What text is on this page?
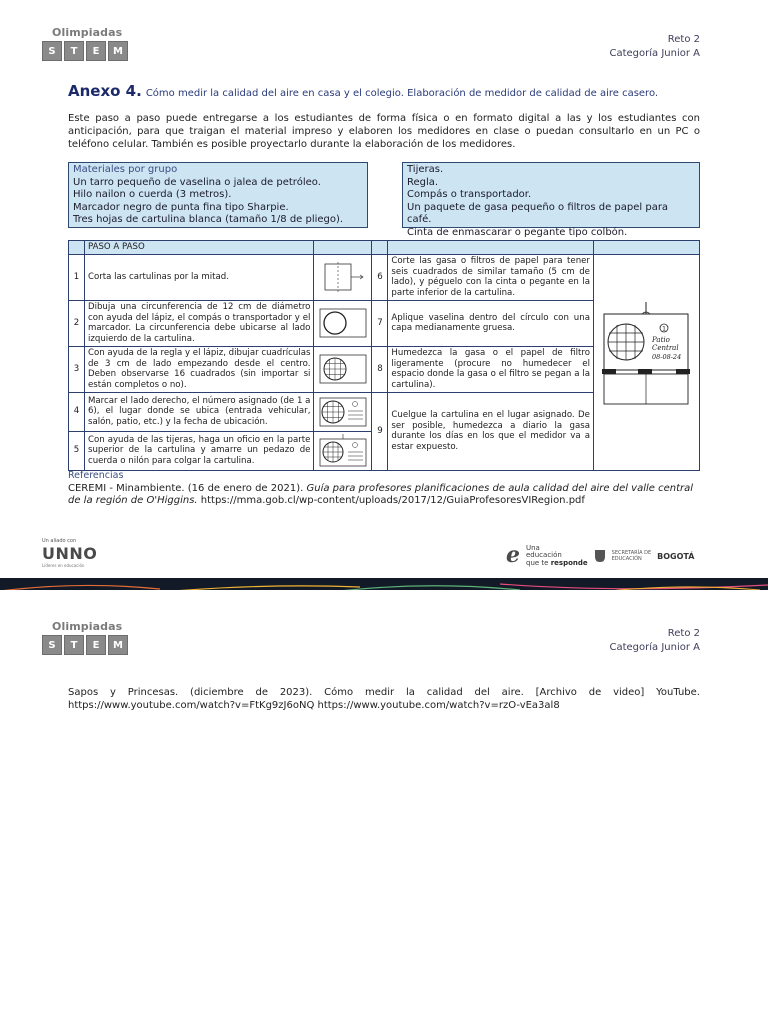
Olimpiadas
S	T	E	M
Reto 2
Categoría Junior A
Anexo 4. Cómo medir la calidad del aire en casa y el colegio. Elaboración de medidor de calidad de aire casero.
Este paso a paso puede entregarse a los estudiantes de forma física o en formato digital a las y los estudiantes con anticipación, para que traigan el material impreso y elaboren los medidores en clase o puedan consultarlo en un PC o teléfono celular. También es posible proyectarlo durante la elaboración de los medidores.
Materiales por grupo
Un tarro pequeño de vaselina o jalea de petróleo.
Hilo nailon o cuerda (3 metros).
Marcador negro de punta fina tipo Sharpie.
Tres hojas de cartulina blanca (tamaño 1/8 de pliego).
Tijeras.
Regla.
Compás o transportador.
Un paquete de gasa pequeño o filtros de papel para café.
Cinta de enmascarar o pegante tipo colbón.
	PASO A PASO				
1	Corta las cartulinas por la mitad.		6	Corte las gasa o filtros de papel para tener seis cuadrados de similar tamaño (5 cm de lado), y péguelo con la cinta o pegante en la parte inferior de la cartulina.	1
Patio
Central
08-08-24

2	Dibuja una circunferencia de 12 cm de diámetro con ayuda del lápiz, el compás o transportador y el marcador. La circunferencia debe ubicarse al lado izquierdo de la cartulina.		7	Aplique vaselina dentro del círculo con una capa medianamente gruesa.	
3	Con ayuda de la regla y el lápiz, dibujar cuadrículas de 3 cm de lado empezando desde el centro. Deben observarse 16 cuadrados (sin importar si están completos o no).		8	Humedezca la gasa o el papel de filtro ligeramente (procure no humedecer el espacio donde la gasa o el filtro se pegan a la cartulina).	
4	Marcar el lado derecho, el número asignado (de 1 a 6), el lugar donde se ubica (entrada vehicular, salón, patio, etc.) y la fecha de ubicación.		9	Cuelgue la cartulina en el lugar asignado. De ser posible, humedezca a diario la gasa durante los días en los que el medidor va a estar expuesto.	
5	Con ayuda de las tijeras, haga un oficio en la parte superior de la cartulina y amarre un pedazo de cuerda o nilón para colgar la cartulina.	
Referencias
CEREMI - Minambiente. (16 de enero de 2021). Guía para profesores planificaciones de aula calidad del aire del valle central de la región de O'Higgins. https://mma.gob.cl/wp-content/uploads/2017/12/GuiaProfesoresVIRegion.pdf
Un aliado con
UNNO
Líderes en educación	ℯ Una
educación
que te responde
SECRETARÍA DE
EDUCACIÓN	BOGOTÁ
Olimpiadas
S	T	E	M
Reto 2
Categoría Junior A
Sapos y Princesas. (diciembre de 2023). Cómo medir la calidad del aire. [Archivo de video] YouTube. https://www.youtube.com/watch?v=FtKg9zJ6oNQ https://www.youtube.com/watch?v=rzO-vEa3al8
